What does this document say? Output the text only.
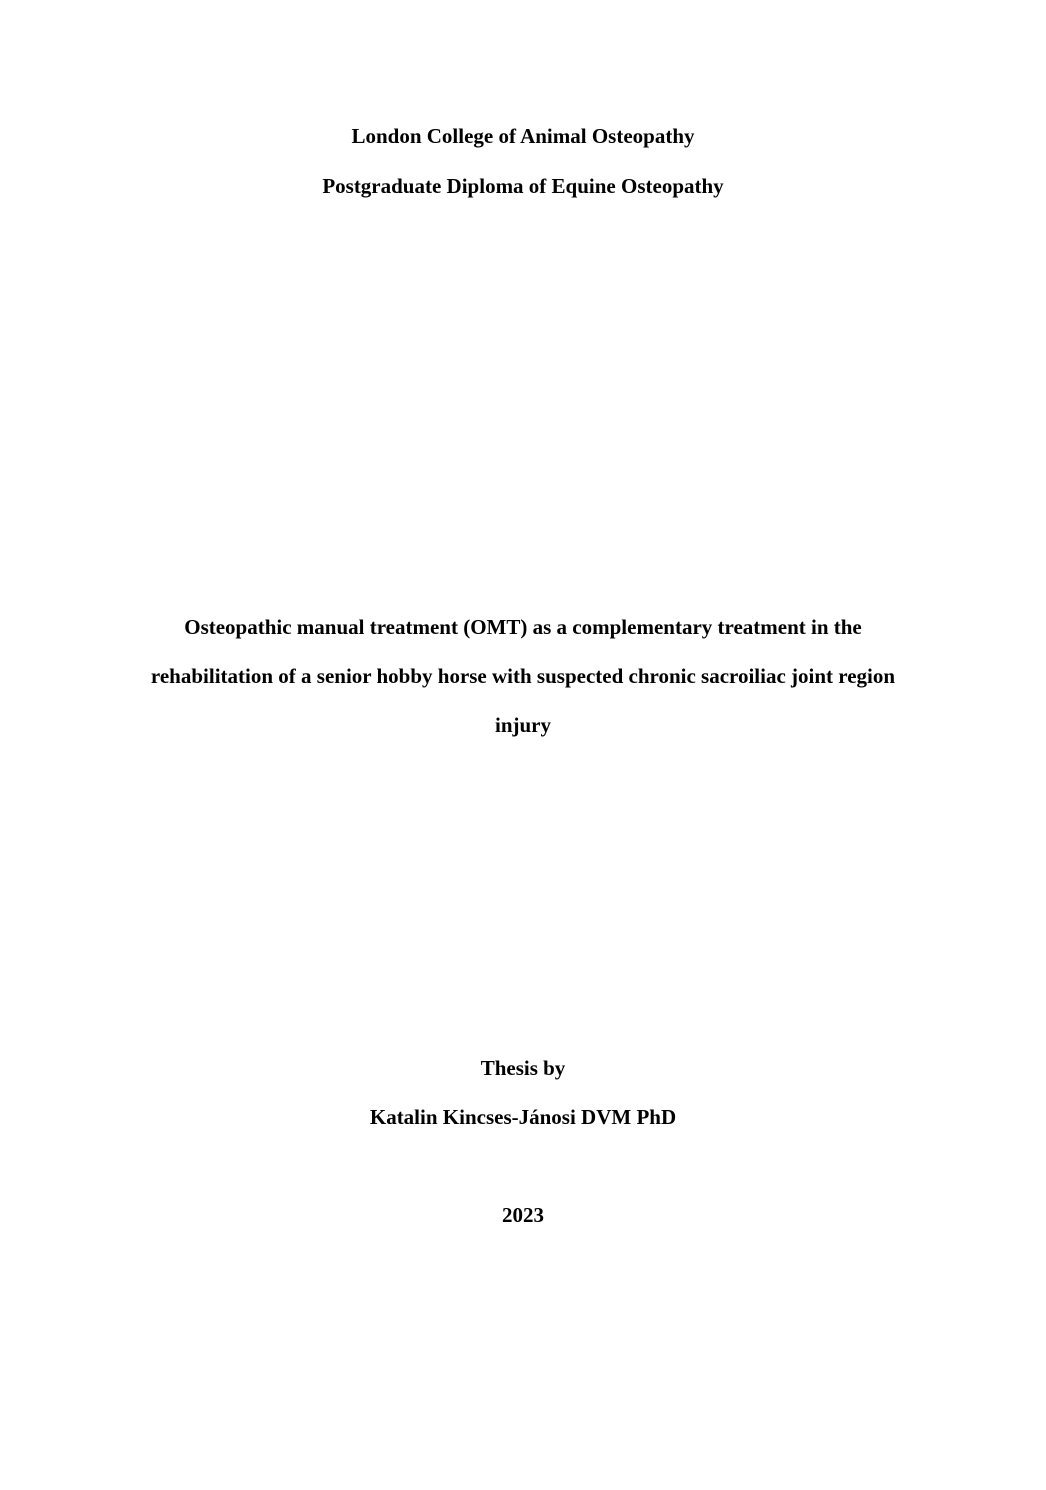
London College of Animal Osteopathy
Postgraduate Diploma of Equine Osteopathy
Osteopathic manual treatment (OMT) as a complementary treatment in the
rehabilitation of a senior hobby horse with suspected chronic sacroiliac joint region
injury
Thesis by
Katalin Kincses-Jánosi DVM PhD
2023
